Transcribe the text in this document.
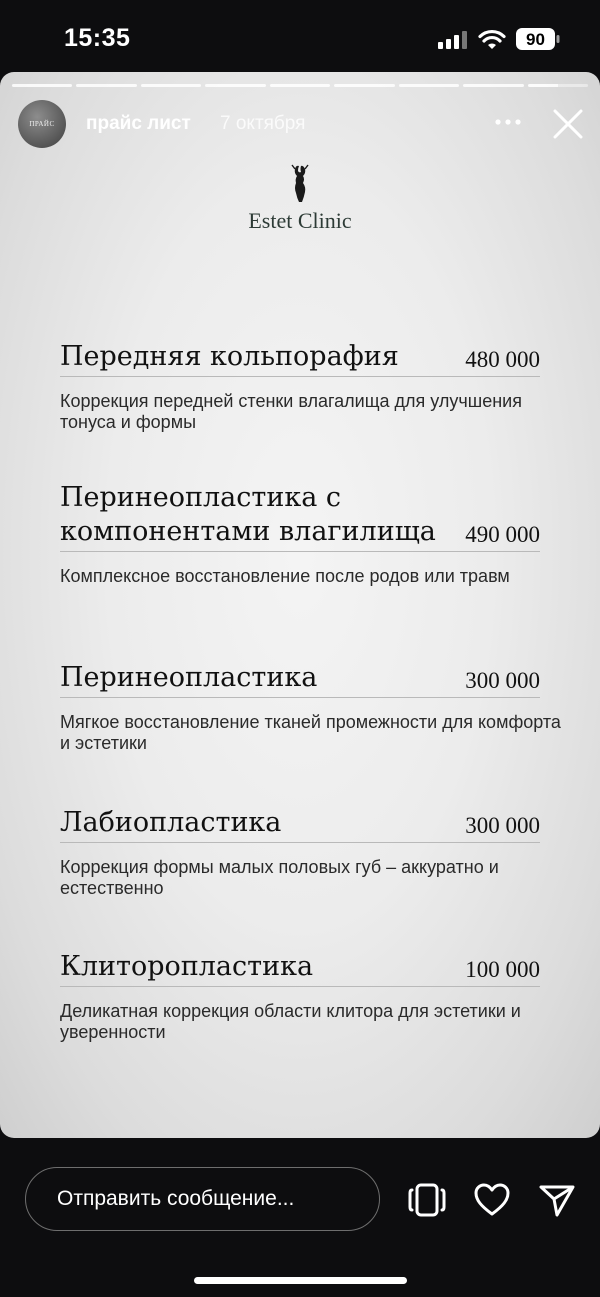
15:35	90
ПРАЙС прайс лист 7 октября
Estet Clinic
Передняя кольпорафия	480 000
Коррекция передней стенки влагалища для улучшения тонуса и формы
Перинеопластика с компонентами влагилища	490 000
Комплексное восстановление после родов или травм
Перинеопластика	300 000
Мягкое восстановление тканей промежности для комфорта и эстетики
Лабиопластика	300 000
Коррекция формы малых половых губ – аккуратно и естественно
Клиторопластика	100 000
Деликатная коррекция области клитора для эстетики и уверенности
Отправить сообщение...
